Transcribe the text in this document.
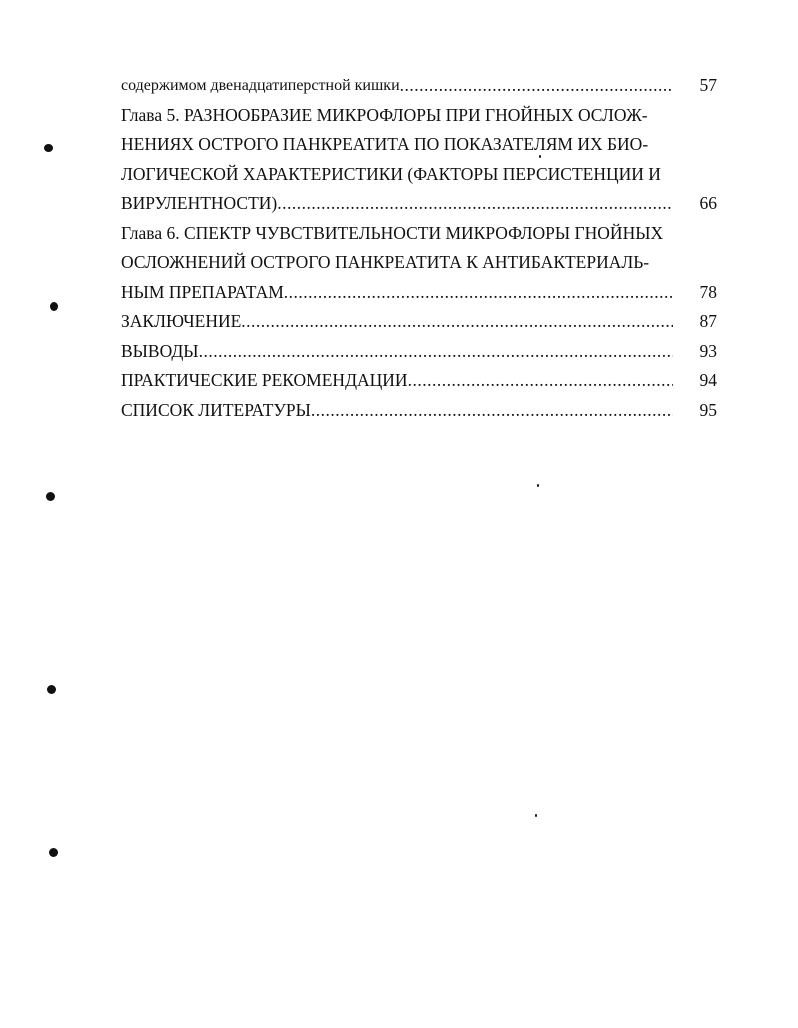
содержимом двенадцатиперстной кишки .....	57
Глава 5. РАЗНООБРАЗИЕ МИКРОФЛОРЫ ПРИ ГНОЙНЫХ ОСЛОЖ-
НЕНИЯХ ОСТРОГО ПАНКРЕАТИТА ПО ПОКАЗАТЕЛЯМ ИХ БИО-
ЛОГИЧЕСКОЙ ХАРАКТЕРИСТИКИ (ФАКТОРЫ ПЕРСИСТЕНЦИИ И
ВИРУЛЕНТНОСТИ) .....	66
Глава 6. СПЕКТР ЧУВСТВИТЕЛЬНОСТИ МИКРОФЛОРЫ ГНОЙНЫХ
ОСЛОЖНЕНИЙ ОСТРОГО ПАНКРЕАТИТА К АНТИБАКТЕРИАЛЬ-
НЫМ ПРЕПАРАТАМ .....	78
ЗАКЛЮЧЕНИЕ .....	87
ВЫВОДЫ .....	93
ПРАКТИЧЕСКИЕ РЕКОМЕНДАЦИИ .....	94
СПИСОК ЛИТЕРАТУРЫ .....	95
